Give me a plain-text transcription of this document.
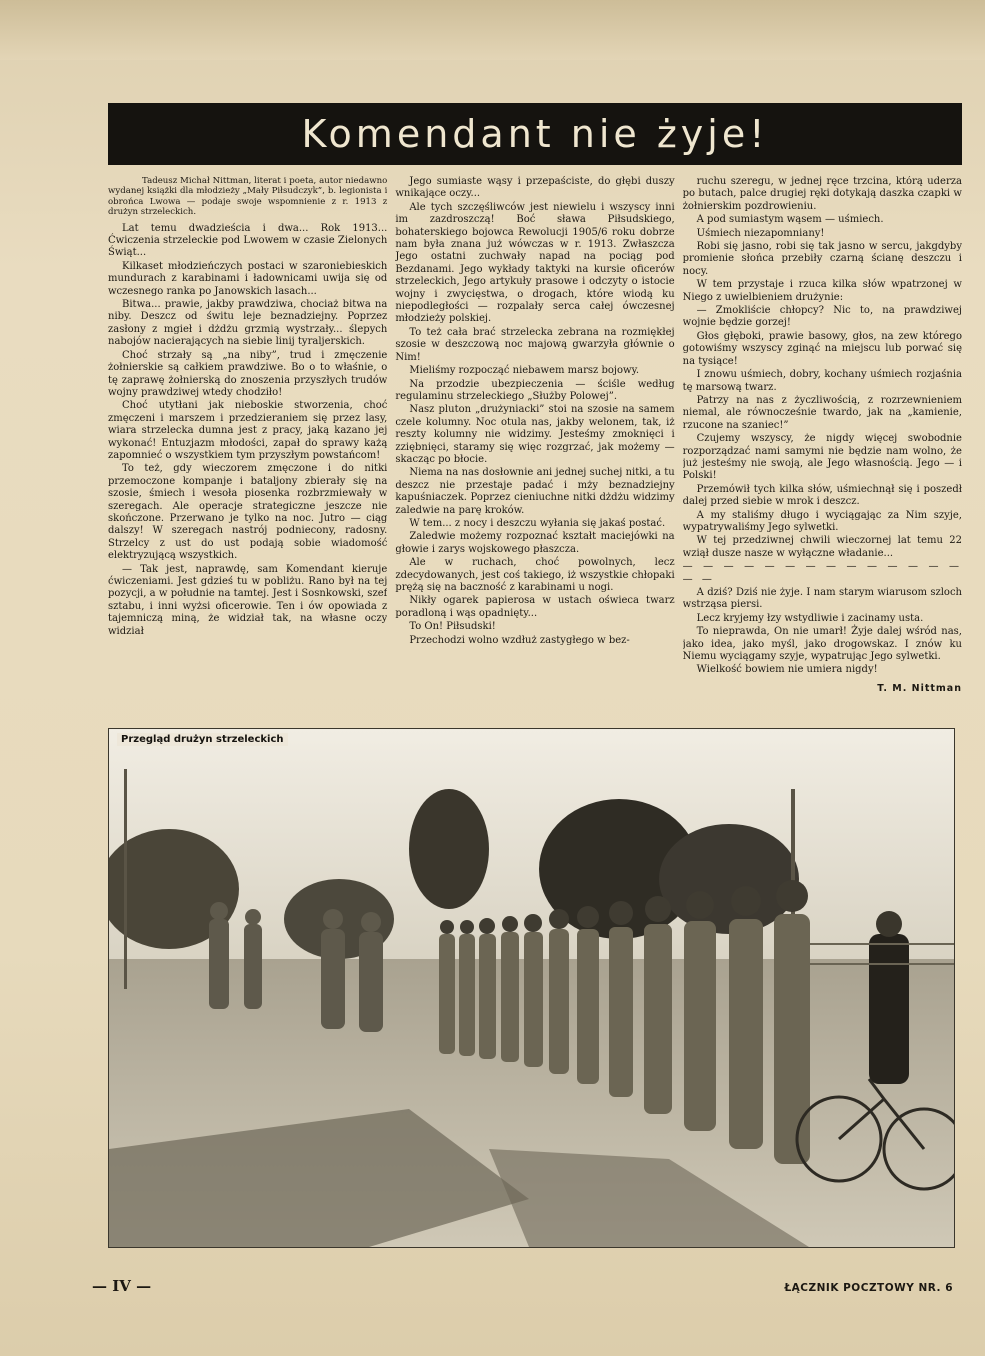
Komendant nie żyje!

Tadeusz Michał Nittman, literat i poeta, autor niedawno wydanej książki dla młodzieży „Mały Piłsudczyk”, b. legionista i obrońca Lwowa — podaje swoje wspomnienie z r. 1913 z drużyn strzeleckich.

Lat temu dwadzieścia i dwa... Rok 1913... Ćwiczenia strzeleckie pod Lwowem w czasie Zielonych Świąt...

Kilkaset młodzieńczych postaci w szaroniebieskich mundurach z karabinami i ładownicami uwija się od wczesnego ranka po Janowskich lasach...

Bitwa... prawie, jakby prawdziwa, chociaż bitwa na niby. Deszcz od świtu leje beznadziejny. Poprzez zasłony z mgieł i dżdżu grzmią wystrzały... ślepych nabojów nacierających na siebie linij tyraljerskich.

Choć strzały są „na niby”, trud i zmęczenie żołnierskie są całkiem prawdziwe. Bo o to właśnie, o tę zaprawę żołnierską do znoszenia przyszłych trudów wojny prawdziwej wtedy chodziło!

Choć utytłani jak nieboskie stworzenia, choć zmęczeni i marszem i przedzieraniem się przez lasy, wiara strzelecka dumna jest z pracy, jaką kazano jej wykonać! Entuzjazm młodości, zapał do sprawy każą zapomnieć o wszystkiem tym przyszłym powstańcom!

To też, gdy wieczorem zmęczone i do nitki przemoczone kompanje i bataljony zbierały się na szosie, śmiech i wesoła piosenka rozbrzmiewały w szeregach. Ale operacje strategiczne jeszcze nie skończone. Przerwano je tylko na noc. Jutro — ciąg dalszy! W szeregach nastrój podniecony, radosny. Strzelcy z ust do ust podają sobie wiadomość elektryzującą wszystkich.

— Tak jest, naprawdę, sam Komendant kieruje ćwiczeniami. Jest gdzieś tu w pobliżu. Rano był na tej pozycji, a w południe na tamtej. Jest i Sosnkowski, szef sztabu, i inni wyżsi oficerowie. Ten i ów opowiada z tajemniczą miną, że widział tak, na własne oczy widział

Jego sumiaste wąsy i przepaściste, do głębi duszy wnikające oczy...

Ale tych szczęśliwców jest niewielu i wszyscy inni im zazdroszczą! Boć sława Piłsudskiego, bohaterskiego bojowca Rewolucji 1905/6 roku dobrze nam była znana już wówczas w r. 1913. Zwłaszcza Jego ostatni zuchwały napad na pociąg pod Bezdanami. Jego wykłady taktyki na kursie oficerów strzeleckich, Jego artykuły prasowe i odczyty o istocie wojny i zwycięstwa, o drogach, które wiodą ku niepodległości — rozpalały serca całej ówczesnej młodzieży polskiej.

To też cała brać strzelecka zebrana na rozmiękłej szosie w deszczową noc majową gwarzyła głównie o Nim!

Mieliśmy rozpocząć niebawem marsz bojowy.

Na przodzie ubezpieczenia — ściśle według regulaminu strzeleckiego „Służby Polowej”.

Nasz pluton „drużyniacki” stoi na szosie na samem czele kolumny. Noc otula nas, jakby welonem, tak, iż reszty kolumny nie widzimy. Jesteśmy zmoknięci i zziębnięci, staramy się więc rozgrzać, jak możemy — skacząc po błocie.

Niema na nas dosłownie ani jednej suchej nitki, a tu deszcz nie przestaje padać i mży beznadziejny kapuśniaczek. Poprzez cieniuchne nitki dżdżu widzimy zaledwie na parę kroków.

W tem... z nocy i deszczu wyłania się jakaś postać.

Zaledwie możemy rozpoznać kształt maciejówki na głowie i zarys wojskowego płaszcza.

Ale w ruchach, choć powolnych, lecz zdecydowanych, jest coś takiego, iż wszystkie chłopaki prężą się na baczność z karabinami u nogi.

Nikły ogarek papierosa w ustach oświeca twarz poradloną i wąs opadnięty...

To On! Piłsudski!

Przechodzi wolno wzdłuż zastygłego w bez-

ruchu szeregu, w jednej ręce trzcina, którą uderza po butach, palce drugiej ręki dotykają daszka czapki w żołnierskim pozdrowieniu.

A pod sumiastym wąsem — uśmiech.

Uśmiech niezapomniany!

Robi się jasno, robi się tak jasno w sercu, jakgdyby promienie słońca przebiły czarną ścianę deszczu i nocy.

W tem przystaje i rzuca kilka słów wpatrzonej w Niego z uwielbieniem drużynie:

— Zmokliście chłopcy? Nic to, na prawdziwej wojnie będzie gorzej!

Głos głęboki, prawie basowy, głos, na zew którego gotowiśmy wszyscy zginąć na miejscu lub porwać się na tysiące!

I znowu uśmiech, dobry, kochany uśmiech rozjaśnia tę marsową twarz.

Patrzy na nas z życzliwością, z rozrzewnieniem niemal, ale równocześnie twardo, jak na „kamienie, rzucone na szaniec!”

Czujemy wszyscy, że nigdy więcej swobodnie rozporządzać nami samymi nie będzie nam wolno, że już jesteśmy nie swoją, ale Jego własnością. Jego — i Polski!

Przemówił tych kilka słów, uśmiechnął się i poszedł dalej przed siebie w mrok i deszcz.

A my staliśmy długo i wyciągając za Nim szyje, wypatrywaliśmy Jego sylwetki.

W tej przedziwnej chwili wieczornej lat temu 22 wziął dusze nasze w wyłączne władanie...

— — — — — — — — — — — — — — — —

A dziś? Dziś nie żyje. I nam starym wiarusom szloch wstrząsa piersi.

Lecz kryjemy łzy wstydliwie i zacinamy usta.

To nieprawda, On nie umarł! Żyje dalej wśród nas, jako idea, jako myśl, jako drogowskaz. I znów ku Niemu wyciągamy szyje, wypatrując Jego sylwetki.

Wielkość bowiem nie umiera nigdy!

T. M. Nittman
Przegląd drużyn strzeleckich
— IV —	ŁĄCZNIK POCZTOWY NR. 6
